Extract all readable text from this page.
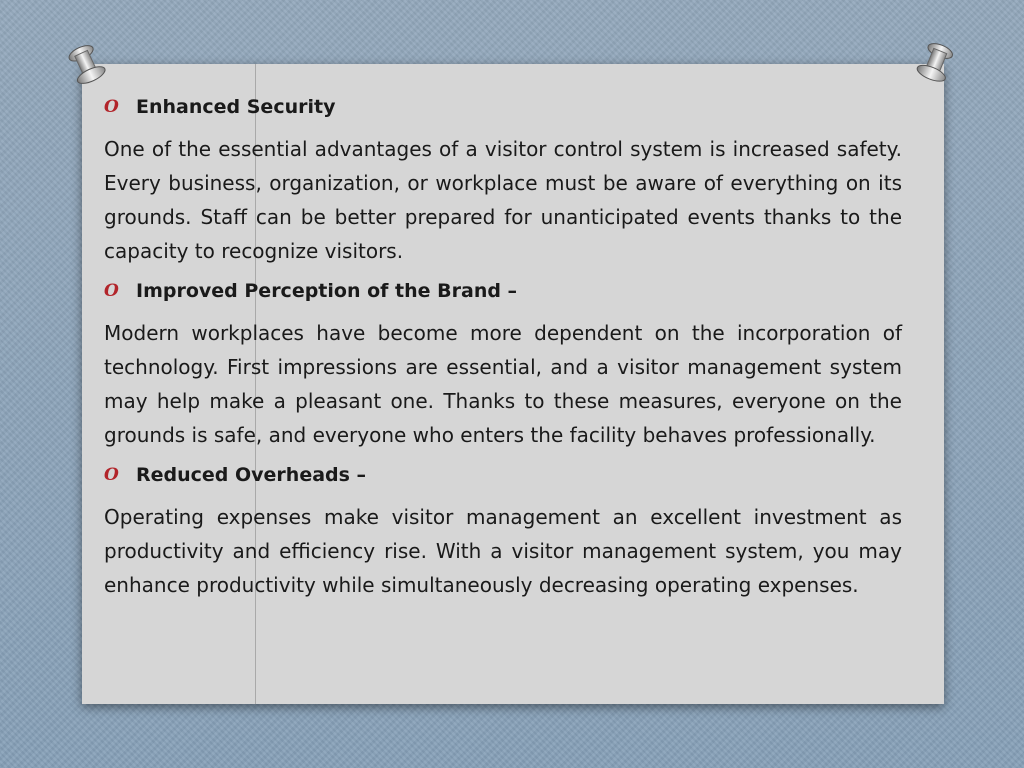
O Enhanced Security

One of the essential advantages of a visitor control system is increased safety. Every business, organization, or workplace must be aware of everything on its grounds. Staff can be better prepared for unanticipated events thanks to the capacity to recognize visitors.

O Improved Perception of the Brand –

Modern workplaces have become more dependent on the incorporation of technology. First impressions are essential, and a visitor management system may help make a pleasant one. Thanks to these measures, everyone on the grounds is safe, and everyone who enters the facility behaves professionally.

O Reduced Overheads –

Operating expenses make visitor management an excellent investment as productivity and efficiency rise. With a visitor management system, you may enhance productivity while simultaneously decreasing operating expenses.
